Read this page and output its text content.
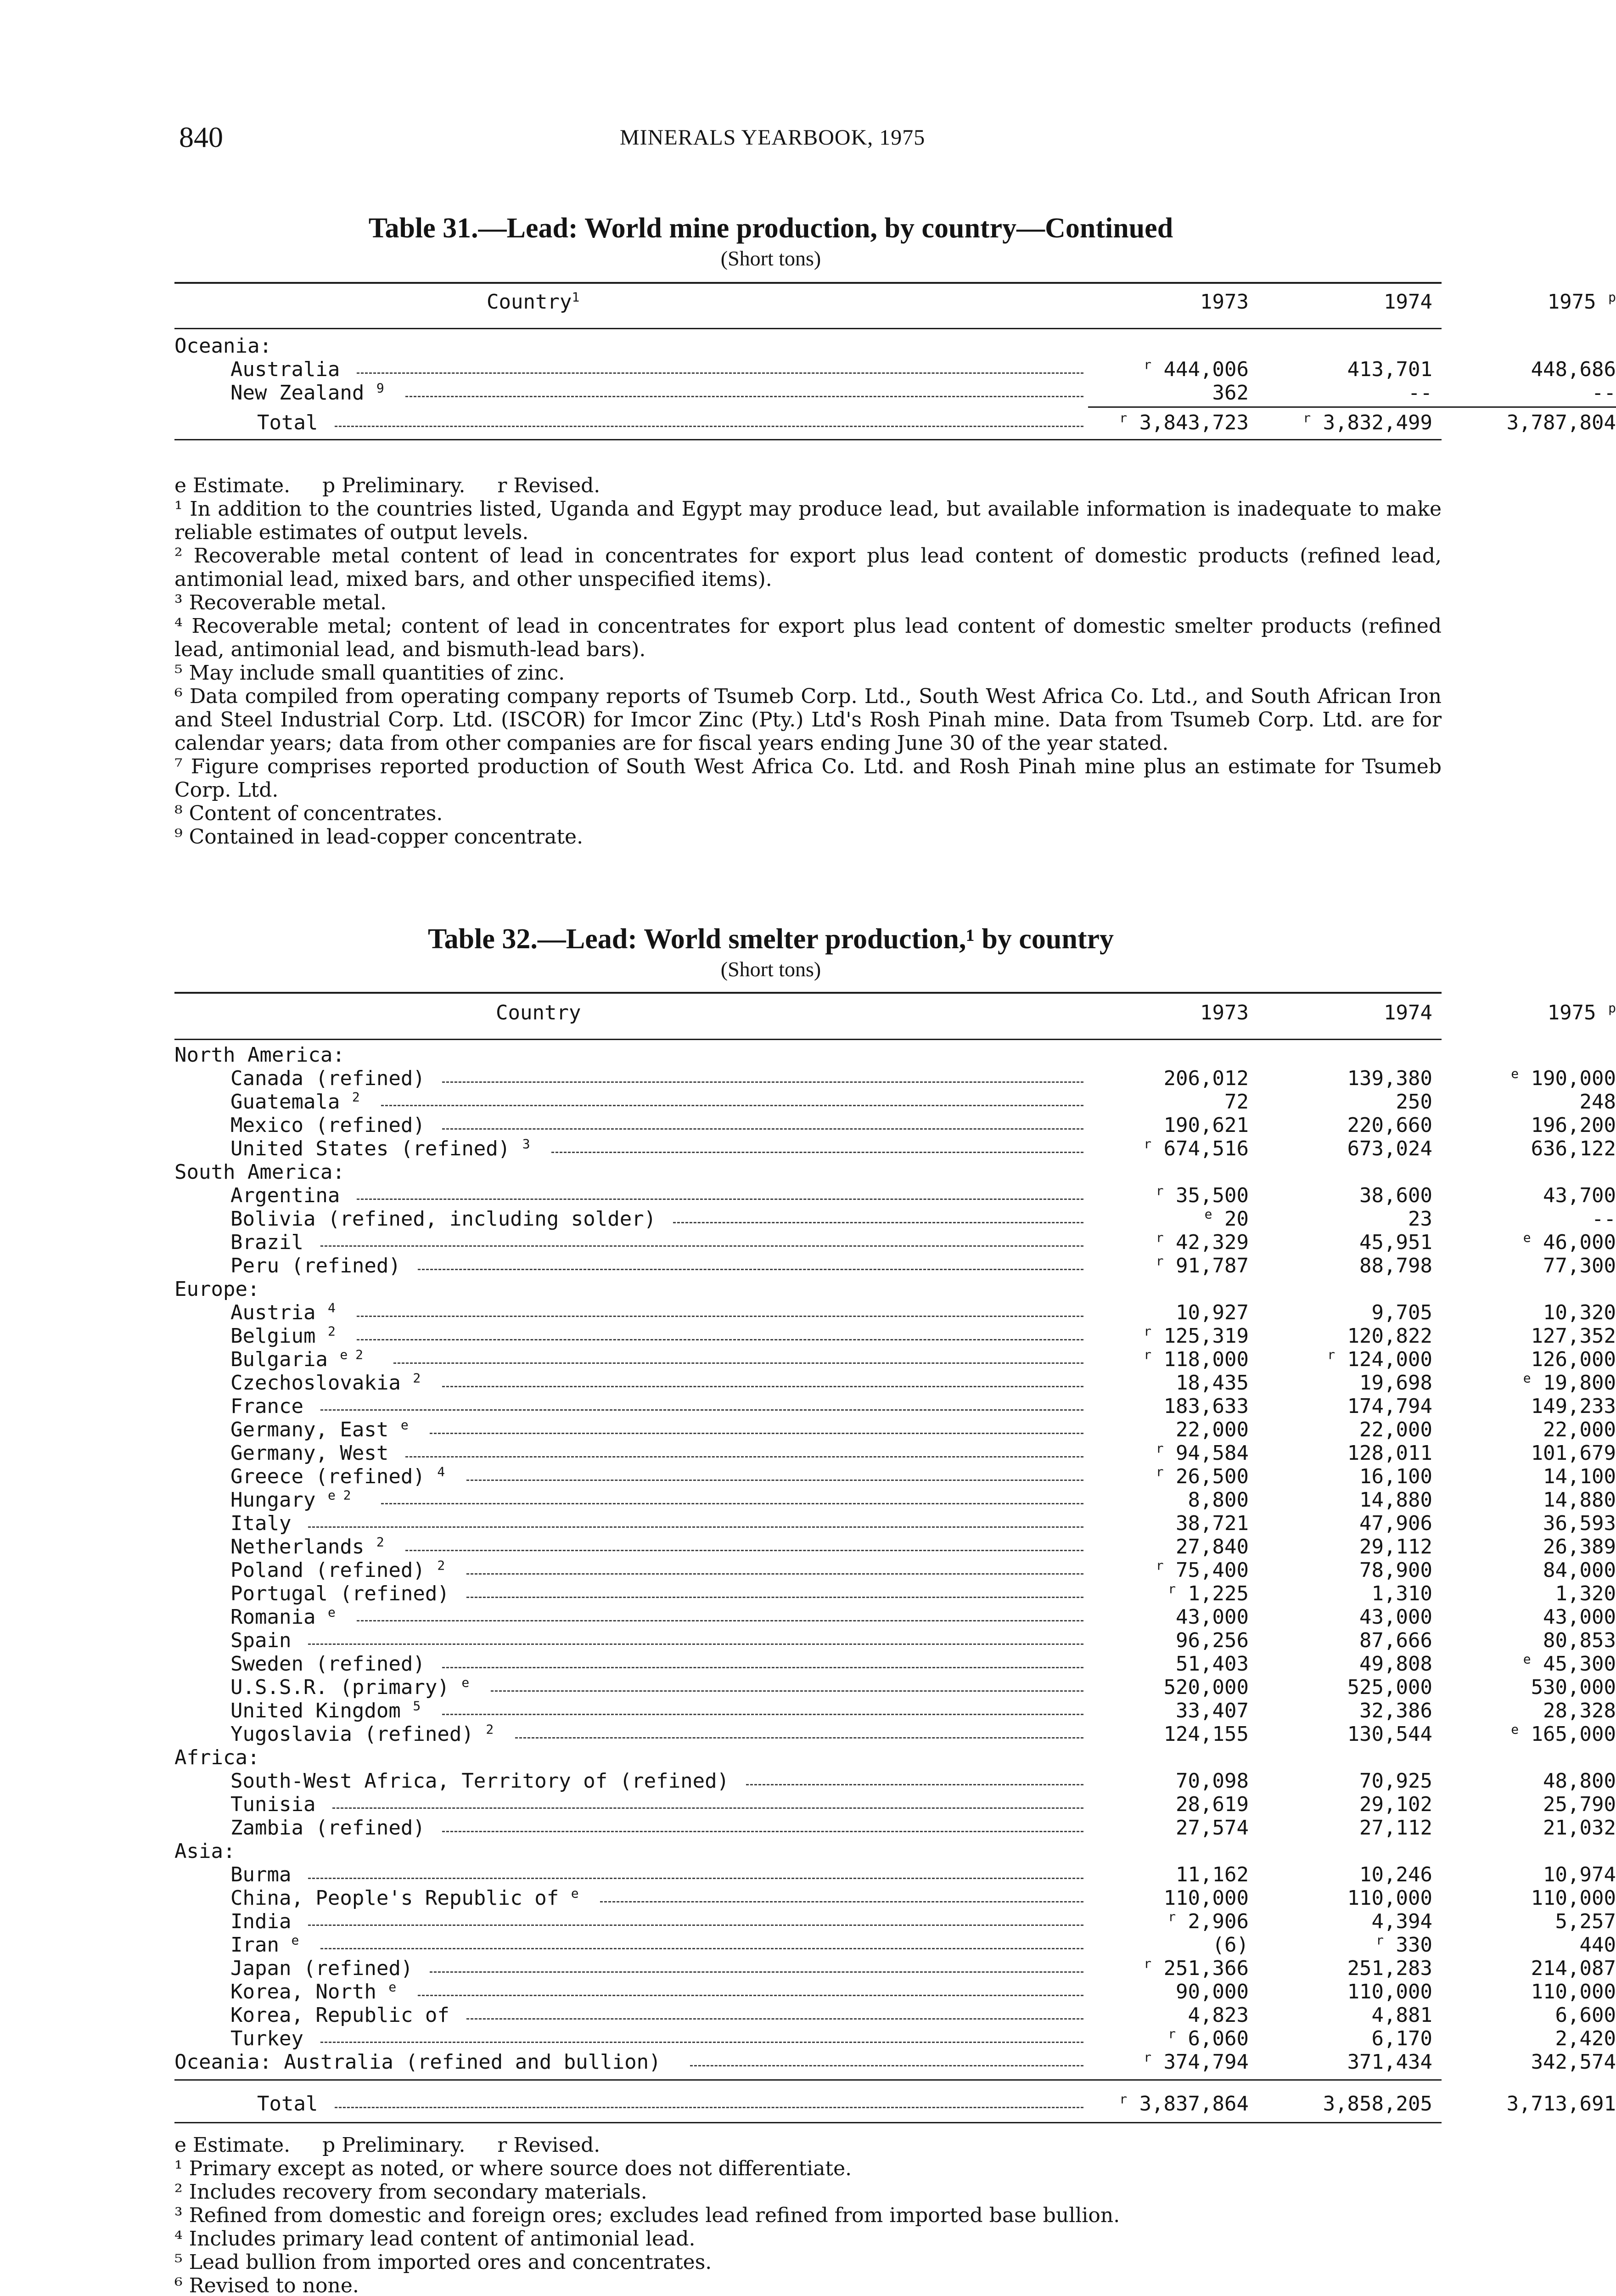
840	MINERALS YEARBOOK, 1975
Table 31.—Lead: World mine production, by country—Continued
(Short tons)
Country$^1$	1973	1974	1975 $^p$
Oceania:
Australia	$^r$ 444,006	413,701	448,686
New Zealand $^9$	362	--	--
Total	$^r$ 3,843,723	$^r$ 3,832,499	3,787,804

e Estimate.     p Preliminary.     r Revised.

¹ In addition to the countries listed, Uganda and Egypt may produce lead, but available information is inadequate to make reliable estimates of output levels.

² Recoverable metal content of lead in concentrates for export plus lead content of domestic products (refined lead, antimonial lead, mixed bars, and other unspecified items).

³ Recoverable metal.

⁴ Recoverable metal; content of lead in concentrates for export plus lead content of domestic smelter products (refined lead, antimonial lead, and bismuth-lead bars).

⁵ May include small quantities of zinc.

⁶ Data compiled from operating company reports of Tsumeb Corp. Ltd., South West Africa Co. Ltd., and South African Iron and Steel Industrial Corp. Ltd. (ISCOR) for Imcor Zinc (Pty.) Ltd's Rosh Pinah mine. Data from Tsumeb Corp. Ltd. are for calendar years; data from other companies are for fiscal years ending June 30 of the year stated.

⁷ Figure comprises reported production of South West Africa Co. Ltd. and Rosh Pinah mine plus an estimate for Tsumeb Corp. Ltd.

⁸ Content of concentrates.

⁹ Contained in lead-copper concentrate.

Table 32.—Lead: World smelter production,¹ by country
(Short tons)
Country	1973	1974	1975 $^p$
North America:
Canada (refined)	206,012	139,380	$^e$ 190,000
Guatemala $^2$	72	250	248
Mexico (refined)	190,621	220,660	196,200
United States (refined) $^3$	$^r$ 674,516	673,024	636,122
South America:
Argentina	$^r$ 35,500	38,600	43,700
Bolivia (refined, including solder)	$^e$ 20	23	--
Brazil	$^r$ 42,329	45,951	$^e$ 46,000
Peru (refined)	$^r$ 91,787	88,798	77,300
Europe:
Austria $^4$	10,927	9,705	10,320
Belgium $^2$	$^r$ 125,319	120,822	127,352
Bulgaria $^{e 2}$	$^r$ 118,000	$^r$ 124,000	126,000
Czechoslovakia $^2$	18,435	19,698	$^e$ 19,800
France	183,633	174,794	149,233
Germany, East $^e$	22,000	22,000	22,000
Germany, West	$^r$ 94,584	128,011	101,679
Greece (refined) $^4$	$^r$ 26,500	16,100	14,100
Hungary $^{e 2}$	8,800	14,880	14,880
Italy	38,721	47,906	36,593
Netherlands $^2$	27,840	29,112	26,389
Poland (refined) $^2$	$^r$ 75,400	78,900	84,000
Portugal (refined)	$^r$ 1,225	1,310	1,320
Romania $^e$	43,000	43,000	43,000
Spain	96,256	87,666	80,853
Sweden (refined)	51,403	49,808	$^e$ 45,300
U.S.S.R. (primary) $^e$	520,000	525,000	530,000
United Kingdom $^5$	33,407	32,386	28,328
Yugoslavia (refined) $^2$	124,155	130,544	$^e$ 165,000
Africa:
South-West Africa, Territory of (refined)	70,098	70,925	48,800
Tunisia	28,619	29,102	25,790
Zambia (refined)	27,574	27,112	21,032
Asia:
Burma	11,162	10,246	10,974
China, People's Republic of $^e$	110,000	110,000	110,000
India	$^r$ 2,906	4,394	5,257
Iran $^e$	(6)	$^r$ 330	440
Japan (refined)	$^r$ 251,366	251,283	214,087
Korea, North $^e$	90,000	110,000	110,000
Korea, Republic of	4,823	4,881	6,600
Turkey	$^r$ 6,060	6,170	2,420
Oceania: Australia (refined and bullion)	$^r$ 374,794	371,434	342,574
Total	$^r$ 3,837,864	3,858,205	3,713,691

e Estimate.     p Preliminary.     r Revised.

¹ Primary except as noted, or where source does not differentiate.

² Includes recovery from secondary materials.

³ Refined from domestic and foreign ores; excludes lead refined from imported base bullion.

⁴ Includes primary lead content of antimonial lead.

⁵ Lead bullion from imported ores and concentrates.

⁶ Revised to none.
